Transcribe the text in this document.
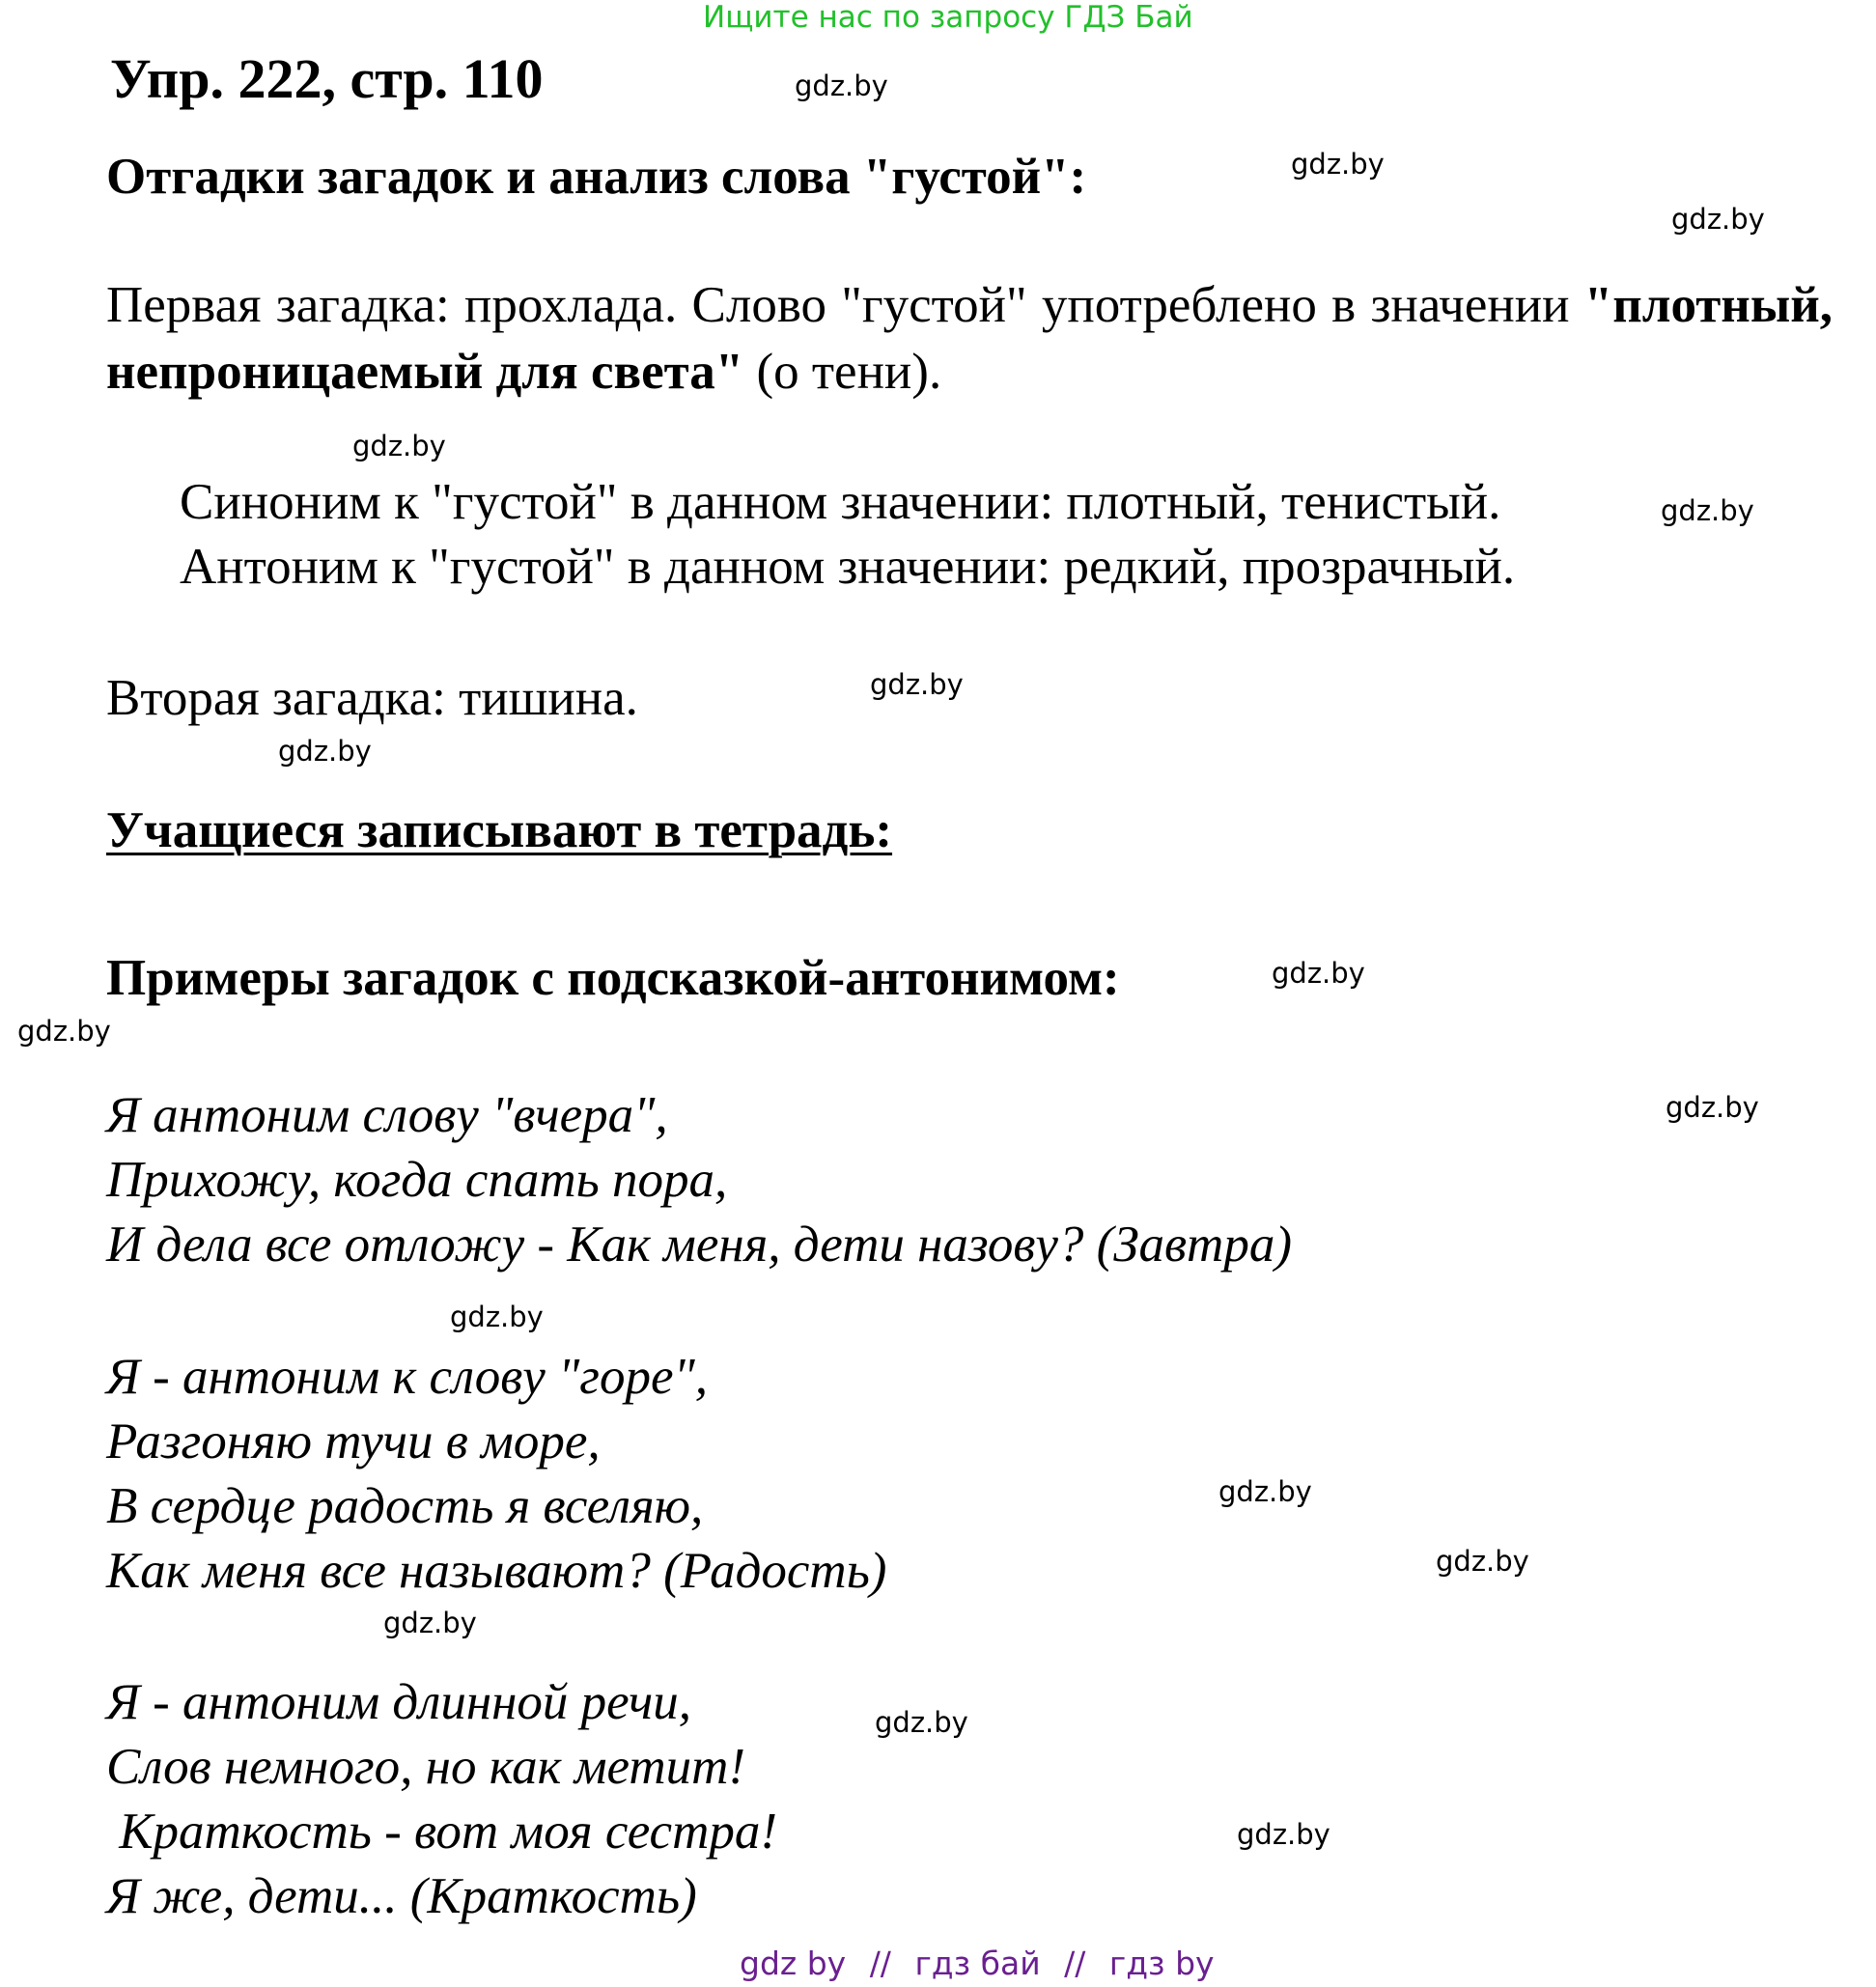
Ищите нас по запросу ГДЗ Бай
Упр. 222, стр. 110
Отгадки загадок и анализ слова "густой":
Первая загадка: прохлада. Слово "густой" употреблено в значении "плотный, непроницаемый для света" (о тени).
Синоним к "густой" в данном значении: плотный, тенистый.
Антоним к "густой" в данном значении: редкий, прозрачный.
Вторая загадка: тишина.
Учащиеся записывают в тетрадь:
Примеры загадок с подсказкой-антонимом:
Я антоним слову "вчера",
Прихожу, когда спать пора,
И дела все отложу - Как меня, дети назову? (Завтра)
Я - антоним к слову "горе",
Разгоняю тучи в море,
В сердце радость я вселяю,
Как меня все называют? (Радость)
Я - антоним длинной речи,
Слов немного, но как метит!
Краткость - вот моя сестра!
Я же, дети... (Краткость)
gdz.by
gdz.by
gdz.by
gdz.by
gdz.by
gdz.by
gdz.by
gdz.by
gdz.by
gdz.by
gdz.by
gdz.by
gdz.by
gdz.by
gdz.by
gdz.by
gdz by // гдз бай // гдз by
